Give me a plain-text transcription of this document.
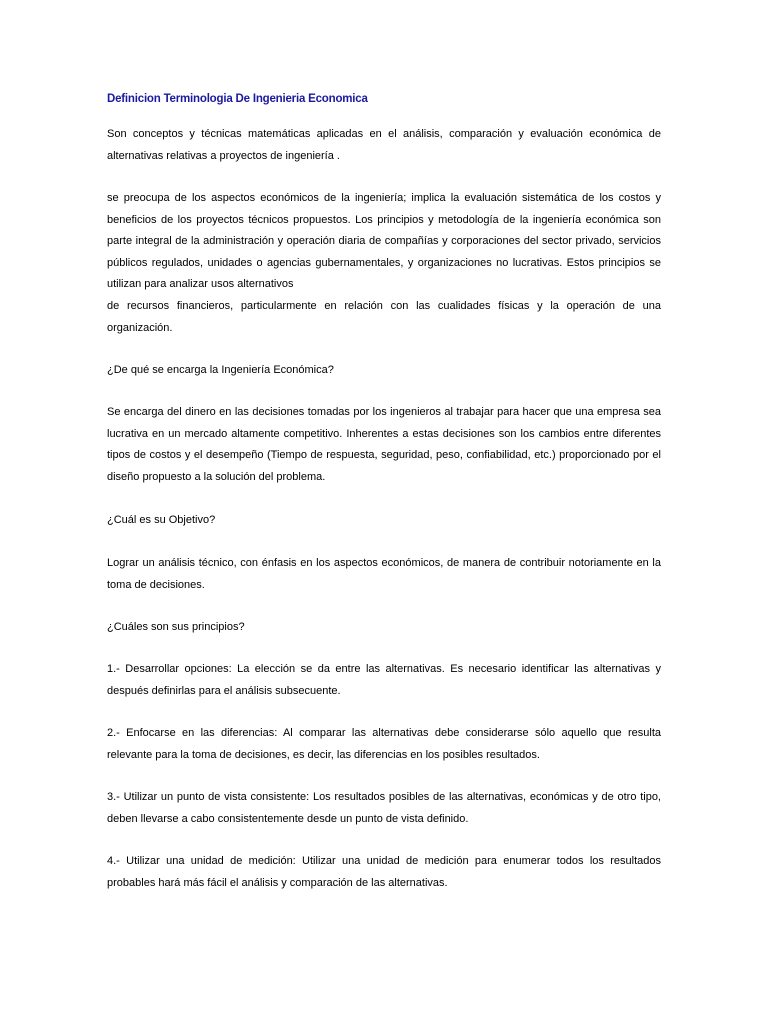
Definicion Terminologia De Ingenieria Economica

Son conceptos y técnicas matemáticas aplicadas en el análisis, comparación y evaluación económica de alternativas relativas a proyectos de ingeniería .

se preocupa de los aspectos económicos de la ingeniería; implica la evaluación sistemática de los costos y beneficios de los proyectos técnicos propuestos. Los principios y metodología de la ingeniería económica son parte integral de la administración y operación diaria de compañías y corporaciones del sector privado, servicios públicos regulados, unidades o agencias gubernamentales, y organizaciones no lucrativas. Estos principios se utilizan para analizar usos alternativos

de recursos financieros, particularmente en relación con las cualidades físicas y la operación de una organización.

¿De qué se encarga la Ingeniería Económica?

Se encarga del dinero en las decisiones tomadas por los ingenieros al trabajar para hacer que una empresa sea lucrativa en un mercado altamente competitivo. Inherentes a estas decisiones son los cambios entre diferentes tipos de costos y el desempeño (Tiempo de respuesta, seguridad, peso, confiabilidad, etc.) proporcionado por el diseño propuesto a la solución del problema.

¿Cuál es su Objetivo?

Lograr un análisis técnico, con énfasis en los aspectos económicos, de manera de contribuir notoriamente en la toma de decisiones.

¿Cuáles son sus principios?

1.- Desarrollar opciones: La elección se da entre las alternativas. Es necesario identificar las alternativas y después definirlas para el análisis subsecuente.

2.- Enfocarse en las diferencias: Al comparar las alternativas debe considerarse sólo aquello que resulta relevante para la toma de decisiones, es decir, las diferencias en los posibles resultados.

3.- Utilizar un punto de vista consistente: Los resultados posibles de las alternativas, económicas y de otro tipo, deben llevarse a cabo consistentemente desde un punto de vista definido.

4.- Utilizar una unidad de medición: Utilizar una unidad de medición para enumerar todos los resultados probables hará más fácil el análisis y comparación de las alternativas.
